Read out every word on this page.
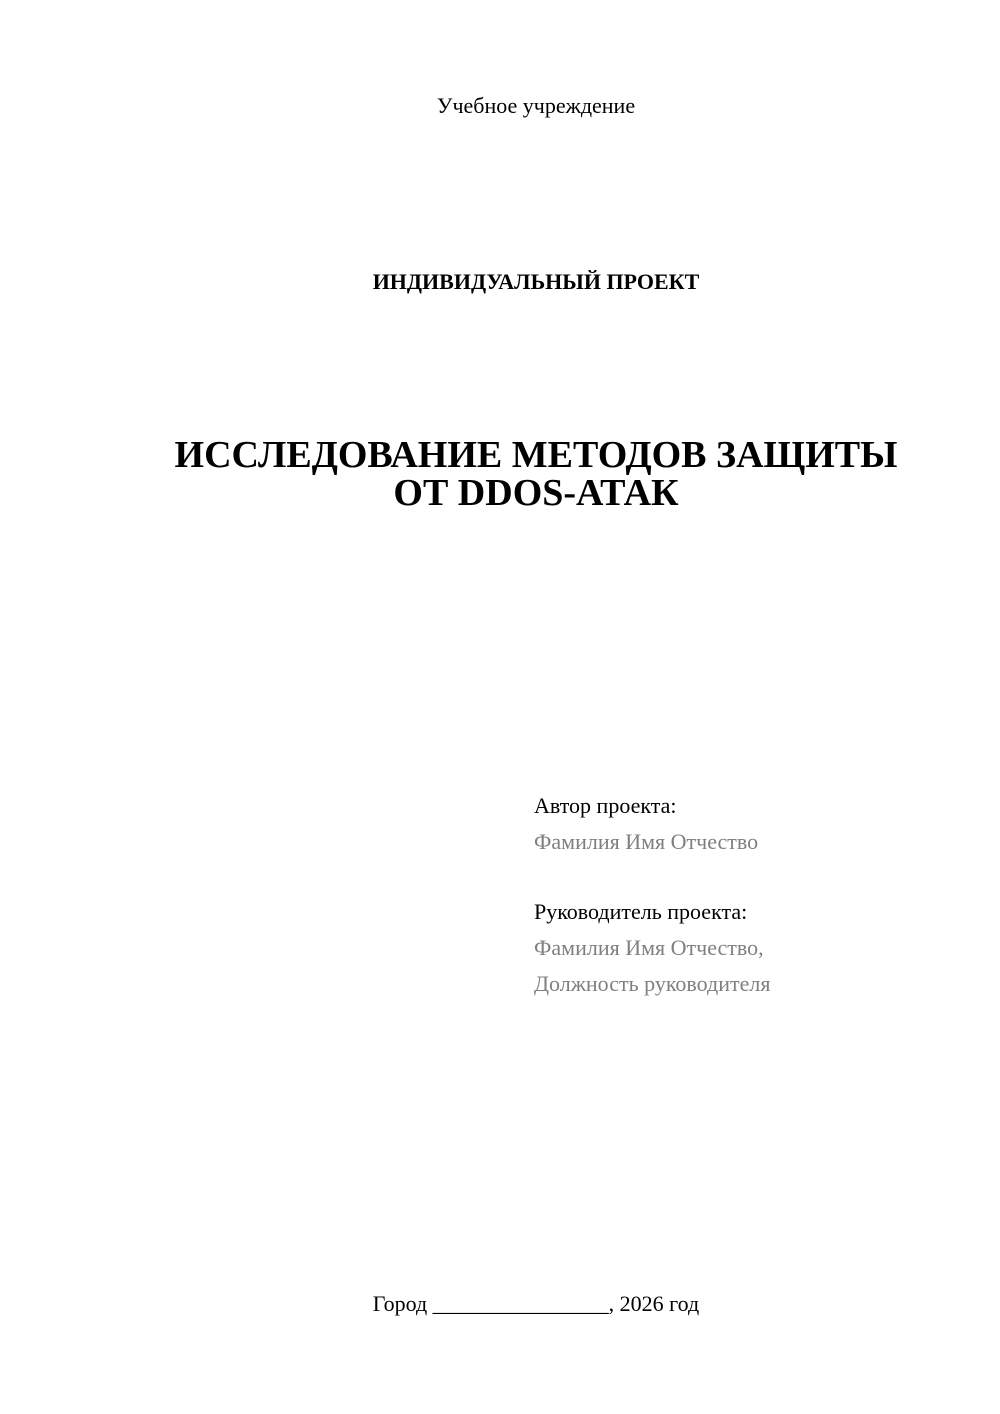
Учебное учреждение
ИНДИВИДУАЛЬНЫЙ ПРОЕКТ
ИССЛЕДОВАНИЕ МЕТОДОВ ЗАЩИТЫ
ОТ DDOS-АТАК
Автор проекта:
Фамилия Имя Отчество
Руководитель проекта:
Фамилия Имя Отчество,
Должность руководителя
Город ________________, 2026 год
